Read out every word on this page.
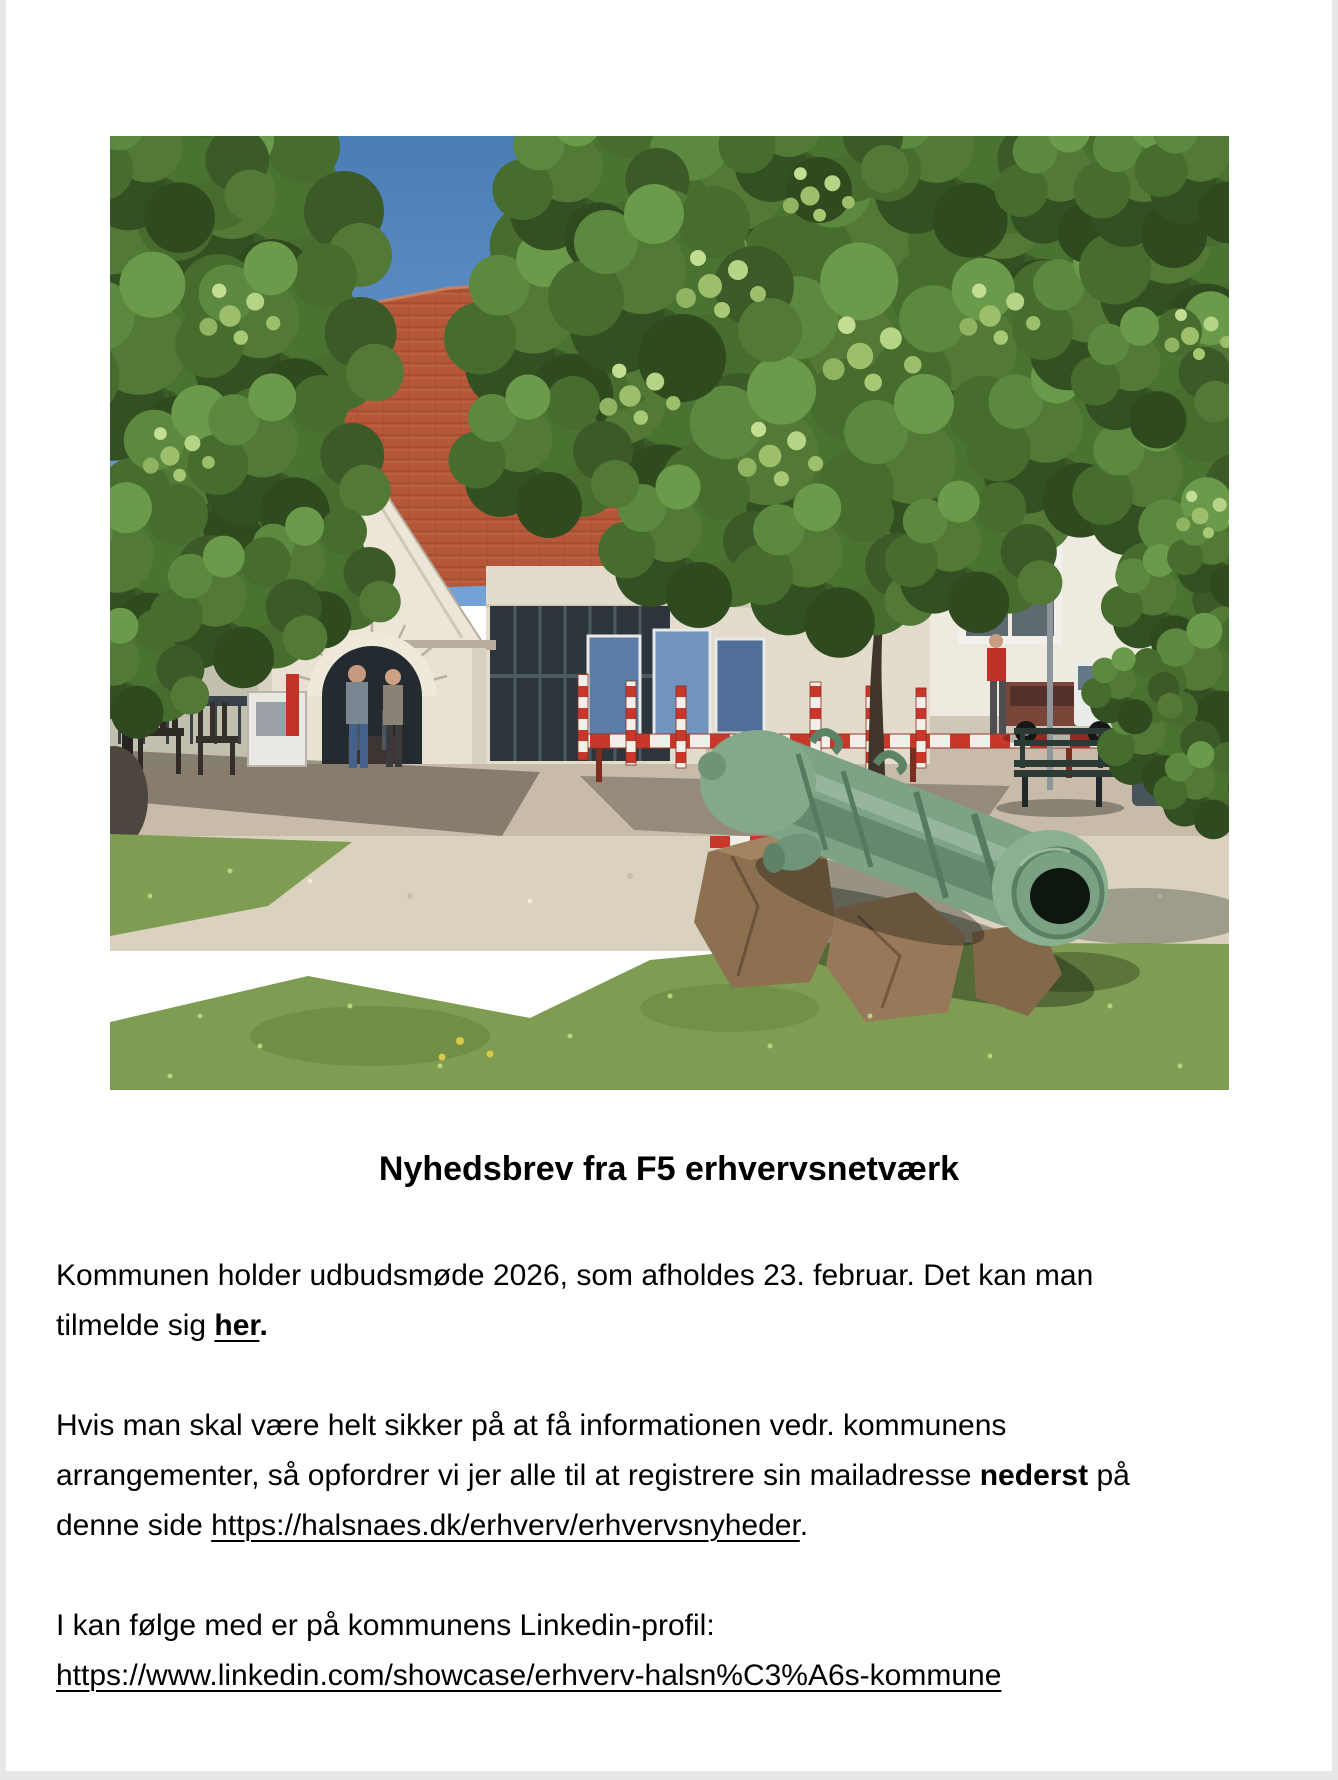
Nyhedsbrev fra F5 erhvervsnetværk

Kommunen holder udbudsmøde 2026, som afholdes 23. februar. Det kan man tilmelde sig her.

Hvis man skal være helt sikker på at få informationen vedr. kommunens arrangementer, så opfordrer vi jer alle til at registrere sin mailadresse nederst på denne side https://halsnaes.dk/erhverv/erhvervsnyheder.

I kan følge med er på kommunens Linkedin-profil: https://www.linkedin.com/showcase/erhverv-halsn%C3%A6s-kommune
